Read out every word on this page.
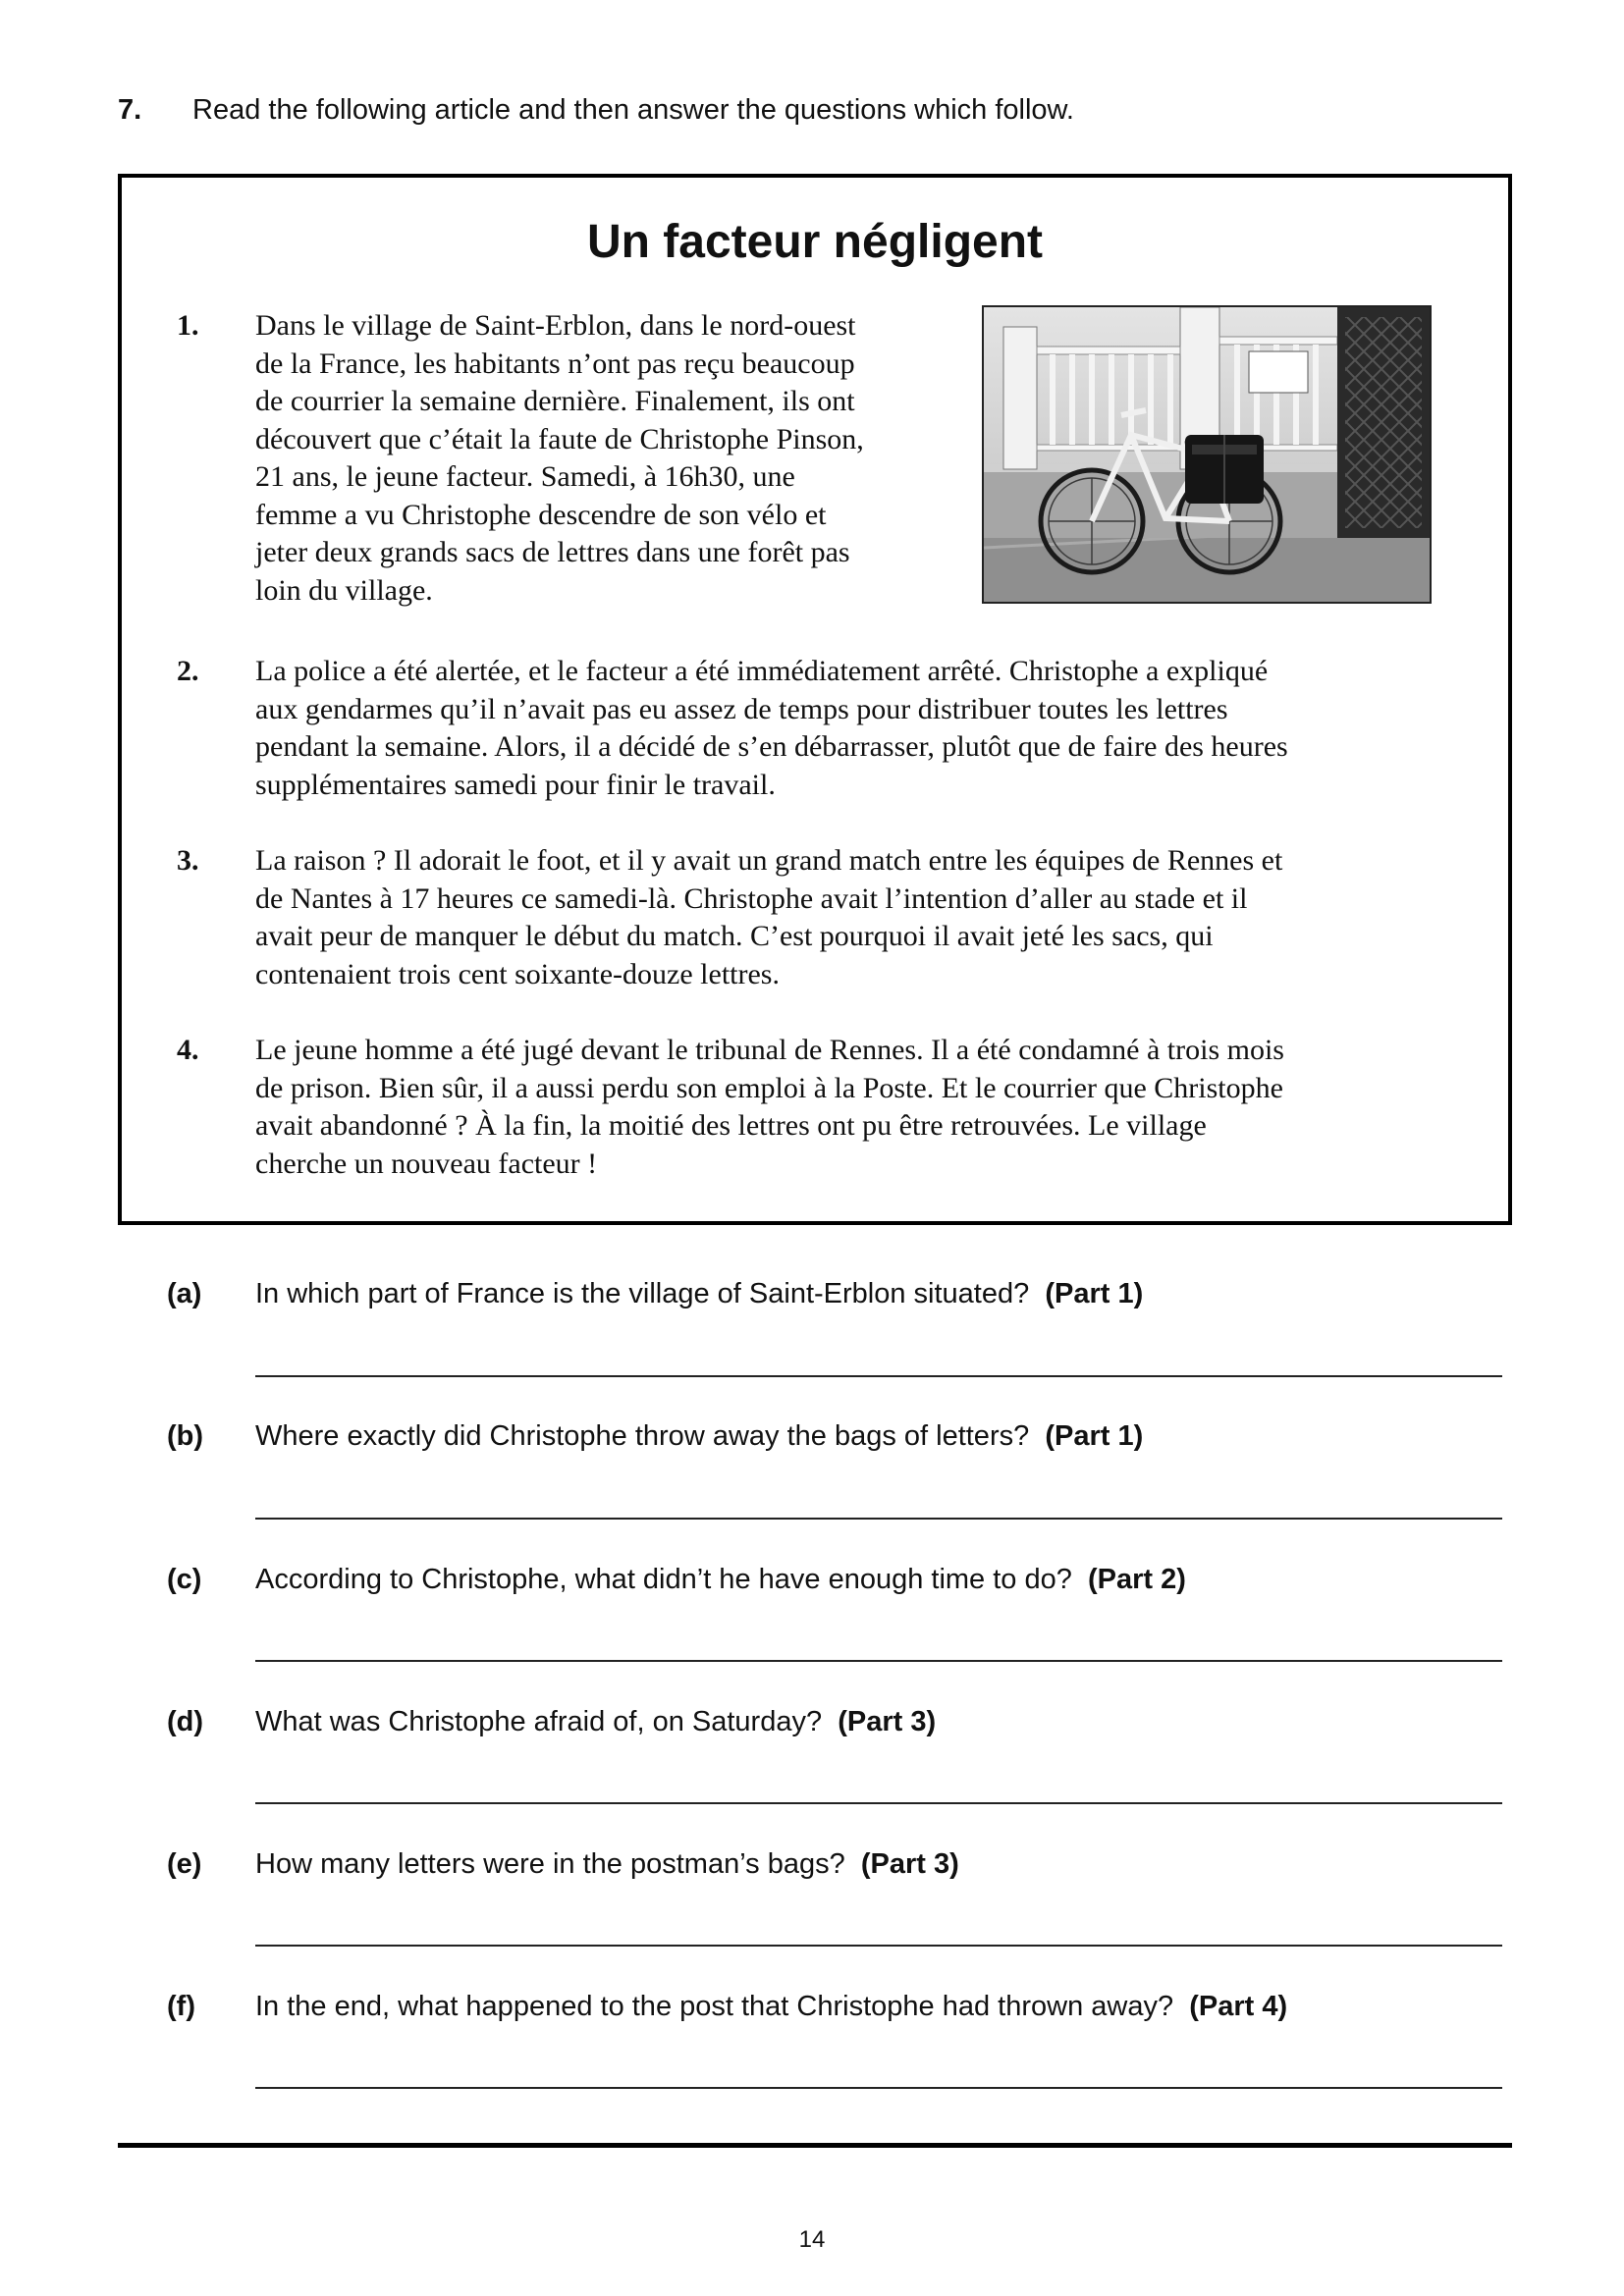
7. Read the following article and then answer the questions which follow.
Un facteur négligent
1. Dans le village de Saint-Erblon, dans le nord-ouest
de la France, les habitants n’ont pas reçu beaucoup
de courrier la semaine dernière. Finalement, ils ont
découvert que c’était la faute de Christophe Pinson,
21 ans, le jeune facteur. Samedi, à 16h30, une
femme a vu Christophe descendre de son vélo et
jeter deux grands sacs de lettres dans une forêt pas
loin du village.
2. La police a été alertée, et le facteur a été immédiatement arrêté. Christophe a expliqué
aux gendarmes qu’il n’avait pas eu assez de temps pour distribuer toutes les lettres
pendant la semaine. Alors, il a décidé de s’en débarrasser, plutôt que de faire des heures
supplémentaires samedi pour finir le travail.
3. La raison ? Il adorait le foot, et il y avait un grand match entre les équipes de Rennes et
de Nantes à 17 heures ce samedi-là. Christophe avait l’intention d’aller au stade et il
avait peur de manquer le début du match. C’est pourquoi il avait jeté les sacs, qui
contenaient trois cent soixante-douze lettres.
4. Le jeune homme a été jugé devant le tribunal de Rennes. Il a été condamné à trois mois
de prison. Bien sûr, il a aussi perdu son emploi à la Poste. Et le courrier que Christophe
avait abandonné ? À la fin, la moitié des lettres ont pu être retrouvées. Le village
cherche un nouveau facteur !
(a) In which part of France is the village of Saint-Erblon situated? (Part 1)
(b) Where exactly did Christophe throw away the bags of letters? (Part 1)
(c) According to Christophe, what didn’t he have enough time to do? (Part 2)
(d) What was Christophe afraid of, on Saturday? (Part 3)
(e) How many letters were in the postman’s bags? (Part 3)
(f) In the end, what happened to the post that Christophe had thrown away? (Part 4)
14
